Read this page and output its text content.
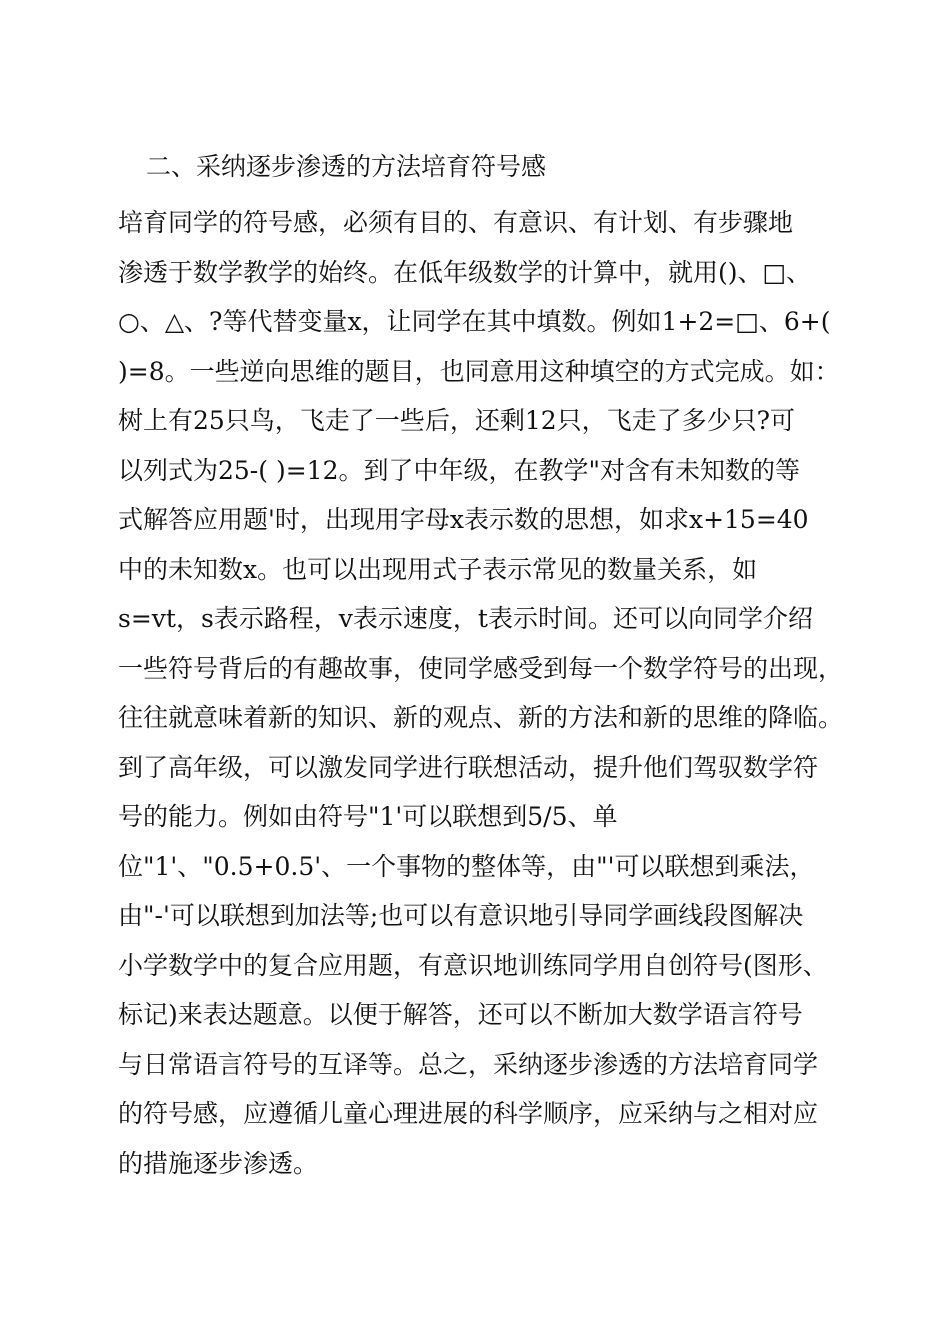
二、采纳逐步渗透的方法培育符号感
培育同学的符号感，必须有目的、有意识、有计划、有步骤地
渗透于数学教学的始终。在低年级数学的计算中，就用()、□、
○、△、?等代替变量x，让同学在其中填数。例如1+2=□、6+(
)=8。一些逆向思维的题目，也同意用这种填空的方式完成。如：
树上有25只鸟，飞走了一些后，还剩12只，飞走了多少只?可
以列式为25-( )=12。到了中年级，在教学"对含有未知数的等
式解答应用题'时，出现用字母x表示数的思想，如求x+15=40
中的未知数x。也可以出现用式子表示常见的数量关系，如
s=vt，s表示路程，v表示速度，t表示时间。还可以向同学介绍
一些符号背后的有趣故事，使同学感受到每一个数学符号的出现，
往往就意味着新的知识、新的观点、新的方法和新的思维的降临。
到了高年级，可以激发同学进行联想活动，提升他们驾驭数学符
号的能力。例如由符号"1'可以联想到5/5、单
位"1'、"0.5+0.5'、一个事物的整体等，由"'可以联想到乘法，
由"-'可以联想到加法等;也可以有意识地引导同学画线段图解决
小学数学中的复合应用题，有意识地训练同学用自创符号(图形、
标记)来表达题意。以便于解答，还可以不断加大数学语言符号
与日常语言符号的互译等。总之，采纳逐步渗透的方法培育同学
的符号感，应遵循儿童心理进展的科学顺序，应采纳与之相对应
的措施逐步渗透。
